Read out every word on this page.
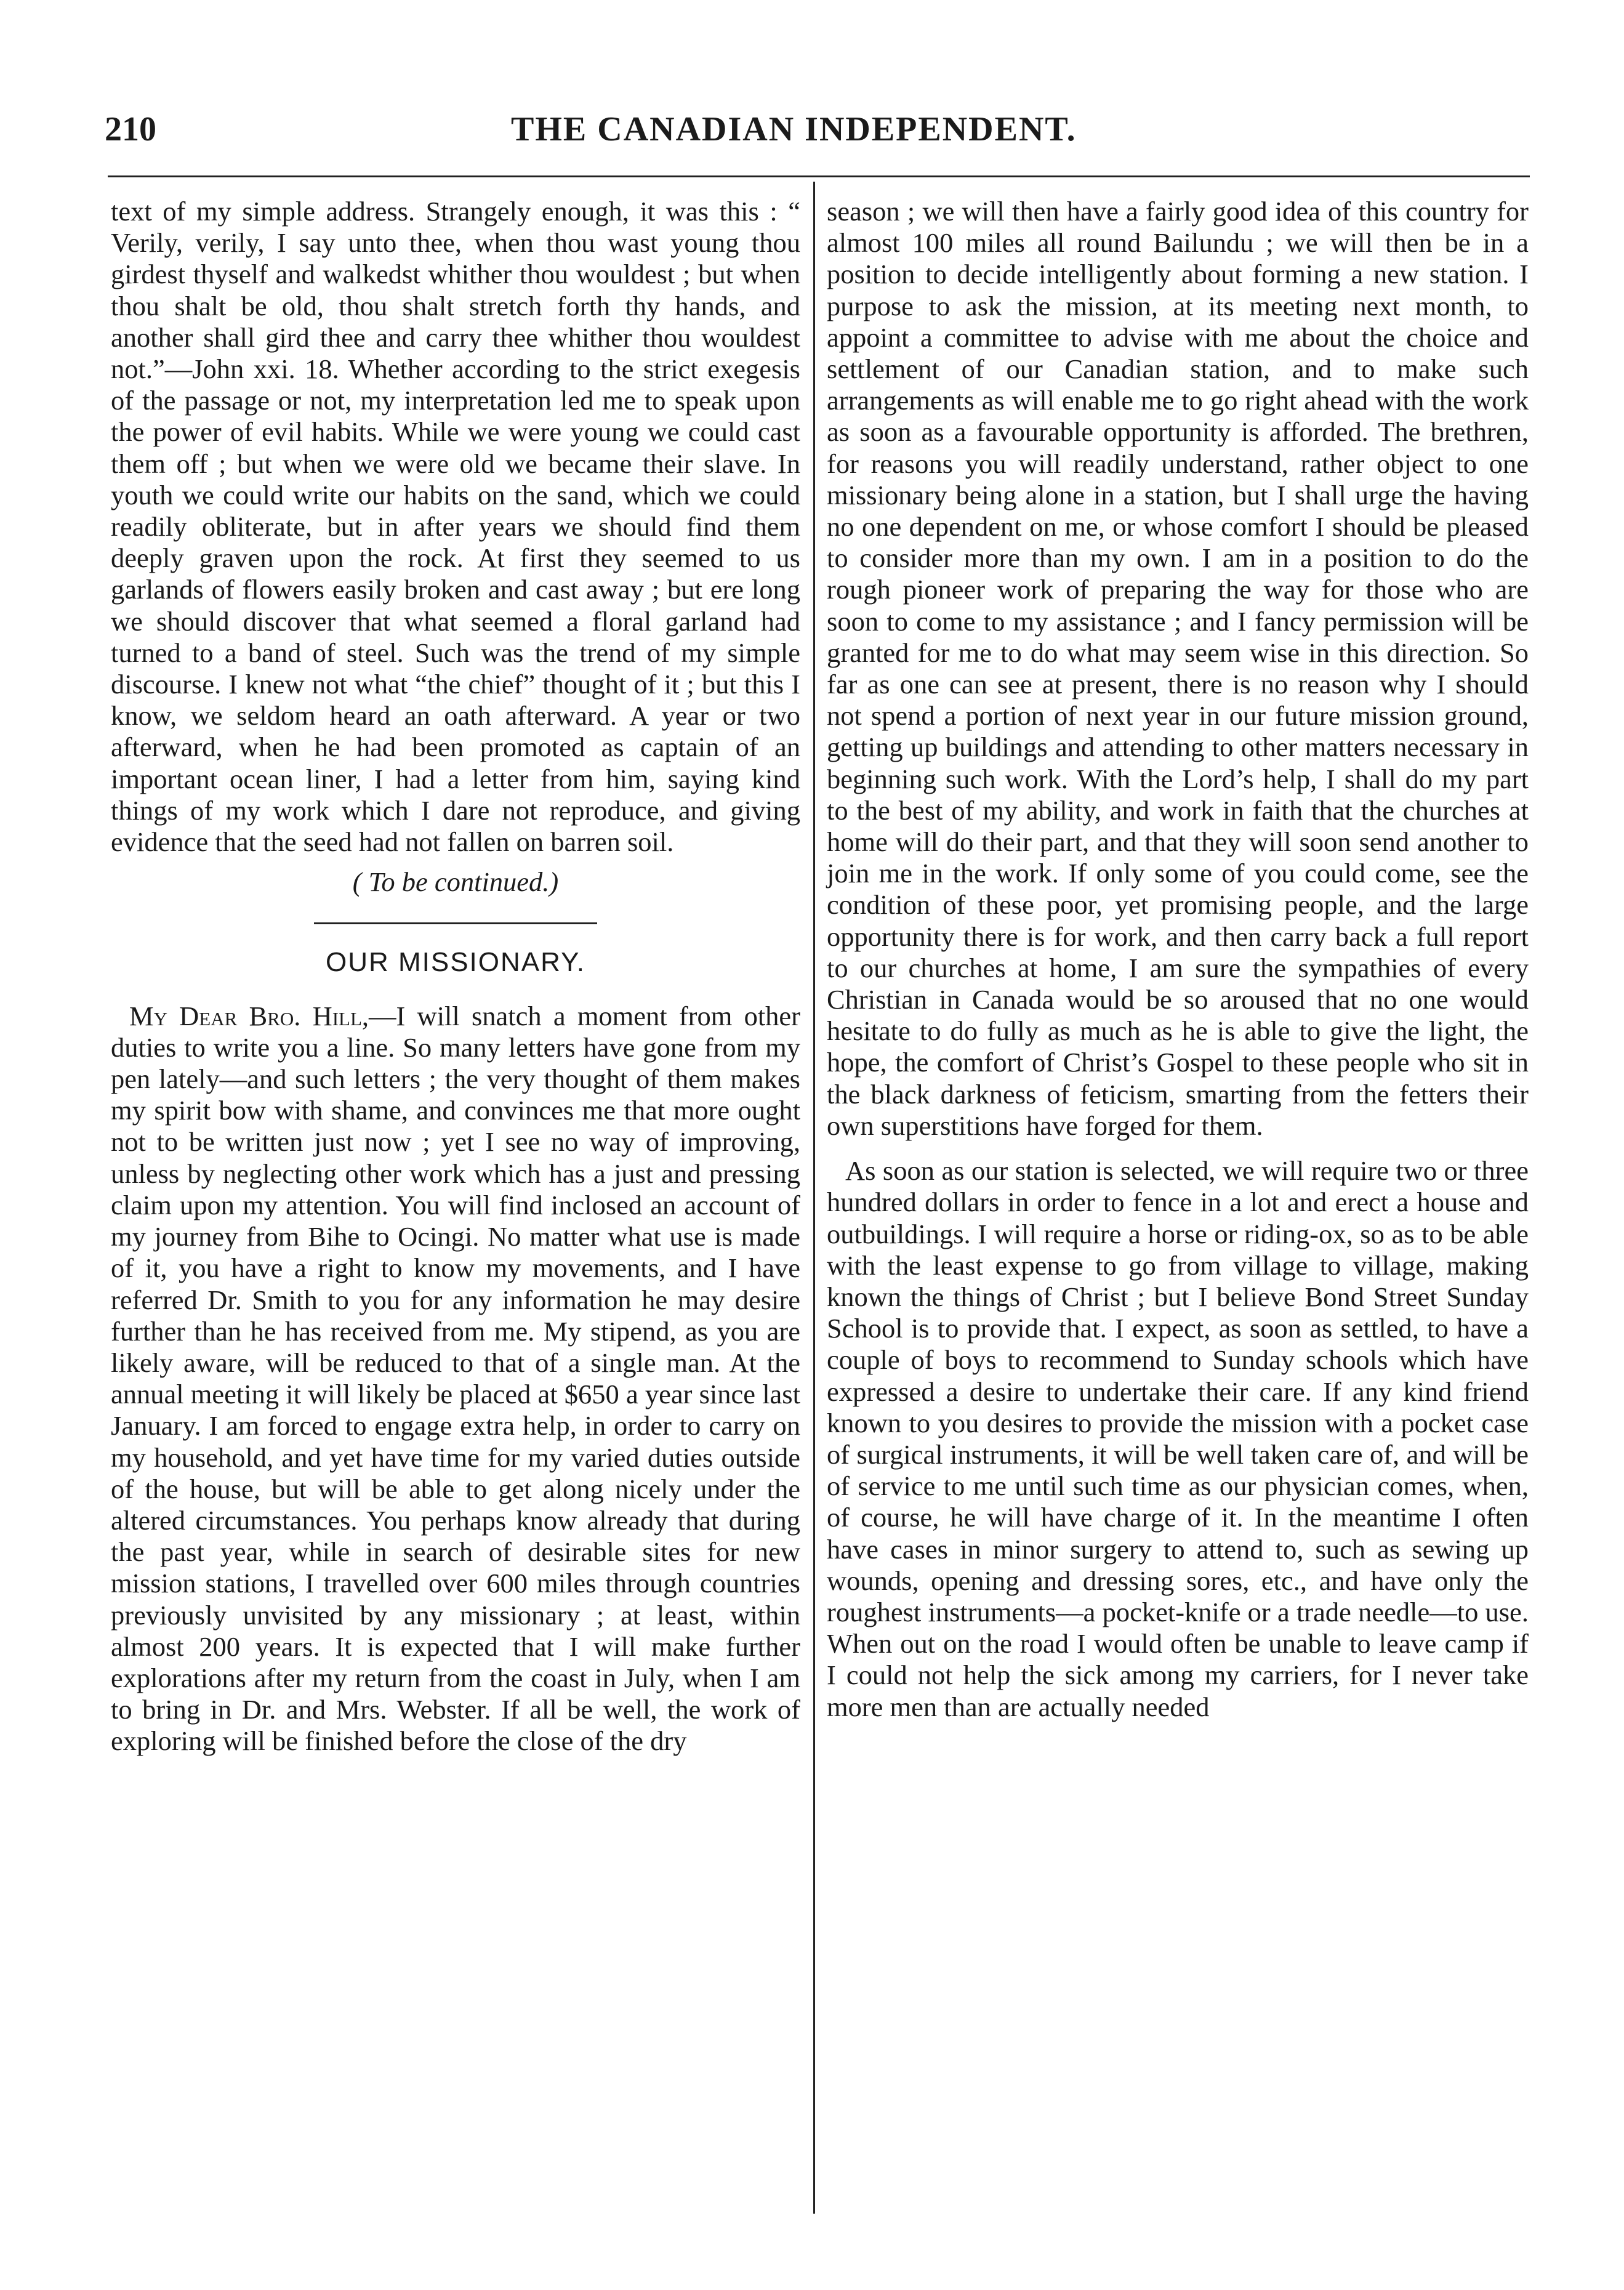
210	THE CANADIAN INDEPENDENT.

text of my simple address. Strangely enough, it was this : “ Verily, verily, I say unto thee, when thou wast young thou girdest thyself and walkedst whither thou wouldest ; but when thou shalt be old, thou shalt stretch forth thy hands, and another shall gird thee and carry thee whither thou wouldest not.”—John xxi. 18. Whether according to the strict exegesis of the passage or not, my interpretation led me to speak upon the power of evil habits. While we were young we could cast them off ; but when we were old we became their slave. In youth we could write our habits on the sand, which we could readily obliterate, but in after years we should find them deeply graven upon the rock. At first they seemed to us garlands of flowers easily broken and cast away ; but ere long we should discover that what seemed a floral garland had turned to a band of steel. Such was the trend of my simple discourse. I knew not what “the chief” thought of it ; but this I know, we seldom heard an oath afterward. A year or two afterward, when he had been promoted as captain of an important ocean liner, I had a letter from him, saying kind things of my work which I dare not reproduce, and giving evidence that the seed had not fallen on barren soil.

( To be continued.)

OUR MISSIONARY.

My Dear Bro. Hill,—I will snatch a moment from other duties to write you a line. So many letters have gone from my pen lately—and such letters ; the very thought of them makes my spirit bow with shame, and convinces me that more ought not to be written just now ; yet I see no way of improving, unless by neglecting other work which has a just and pressing claim upon my attention. You will find inclosed an account of my journey from Bihe to Ocingi. No matter what use is made of it, you have a right to know my movements, and I have referred Dr. Smith to you for any information he may desire further than he has received from me. My stipend, as you are likely aware, will be reduced to that of a single man. At the annual meeting it will likely be placed at $650 a year since last January. I am forced to engage extra help, in order to carry on my household, and yet have time for my varied duties outside of the house, but will be able to get along nicely under the altered circumstances. You perhaps know already that during the past year, while in search of desirable sites for new mission stations, I travelled over 600 miles through countries previously unvisited by any missionary ; at least, within almost 200 years. It is expected that I will make further explorations after my return from the coast in July, when I am to bring in Dr. and Mrs. Webster. If all be well, the work of exploring will be finished before the close of the dry

season ; we will then have a fairly good idea of this country for almost 100 miles all round Bailundu ; we will then be in a position to decide intelligently about forming a new station. I purpose to ask the mission, at its meeting next month, to appoint a committee to advise with me about the choice and settlement of our Canadian station, and to make such arrangements as will enable me to go right ahead with the work as soon as a favourable opportunity is afforded. The brethren, for reasons you will readily understand, rather object to one missionary being alone in a station, but I shall urge the having no one dependent on me, or whose comfort I should be pleased to consider more than my own. I am in a position to do the rough pioneer work of preparing the way for those who are soon to come to my assistance ; and I fancy permission will be granted for me to do what may seem wise in this direction. So far as one can see at present, there is no reason why I should not spend a portion of next year in our future mission ground, getting up buildings and attending to other matters necessary in beginning such work. With the Lord’s help, I shall do my part to the best of my ability, and work in faith that the churches at home will do their part, and that they will soon send another to join me in the work. If only some of you could come, see the condition of these poor, yet promising people, and the large opportunity there is for work, and then carry back a full report to our churches at home, I am sure the sympathies of every Christian in Canada would be so aroused that no one would hesitate to do fully as much as he is able to give the light, the hope, the comfort of Christ’s Gospel to these people who sit in the black darkness of feticism, smarting from the fetters their own superstitions have forged for them.

As soon as our station is selected, we will require two or three hundred dollars in order to fence in a lot and erect a house and outbuildings. I will require a horse or riding-ox, so as to be able with the least expense to go from village to village, making known the things of Christ ; but I believe Bond Street Sunday School is to provide that. I expect, as soon as settled, to have a couple of boys to recommend to Sunday schools which have expressed a desire to undertake their care. If any kind friend known to you desires to provide the mission with a pocket case of surgical instruments, it will be well taken care of, and will be of service to me until such time as our physician comes, when, of course, he will have charge of it. In the meantime I often have cases in minor surgery to attend to, such as sewing up wounds, opening and dressing sores, etc., and have only the roughest instruments—a pocket-knife or a trade needle—to use. When out on the road I would often be unable to leave camp if I could not help the sick among my carriers, for I never take more men than are actually needed
